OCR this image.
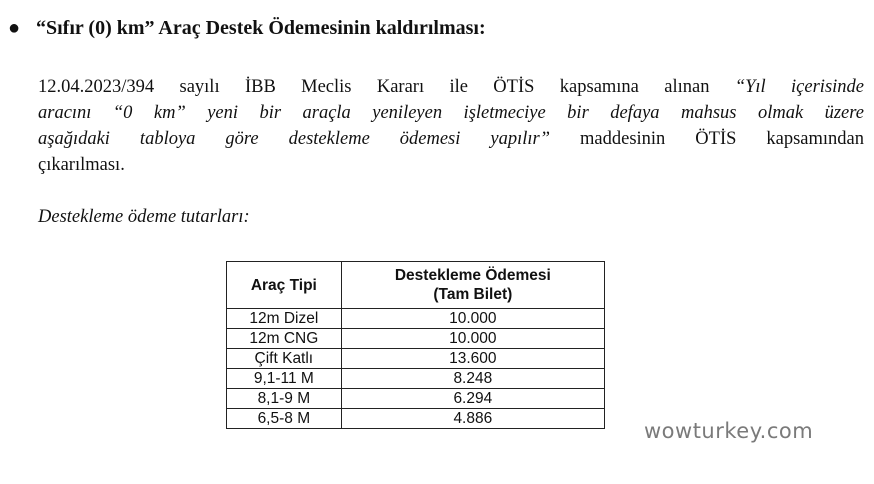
● “Sıfır (0) km” Araç Destek Ödemesinin kaldırılması:
12.04.2023/394 sayılı İBB Meclis Kararı ile ÖTİS kapsamına alınan “Yıl içerisinde
aracını “0 km” yeni bir araçla yenileyen işletmeciye bir defaya mahsus olmak üzere
aşağıdaki tabloya göre destekleme ödemesi yapılır” maddesinin ÖTİS kapsamından
çıkarılması.
Destekleme ödeme tutarları:
Araç Tipi	Destekleme Ödemesi
(Tam Bilet)
12m Dizel	10.000
12m CNG	10.000
Çift Katlı	13.600
9,1-11 M	8.248
8,1-9 M	6.294
6,5-8 M	4.886
wowturkey.com
